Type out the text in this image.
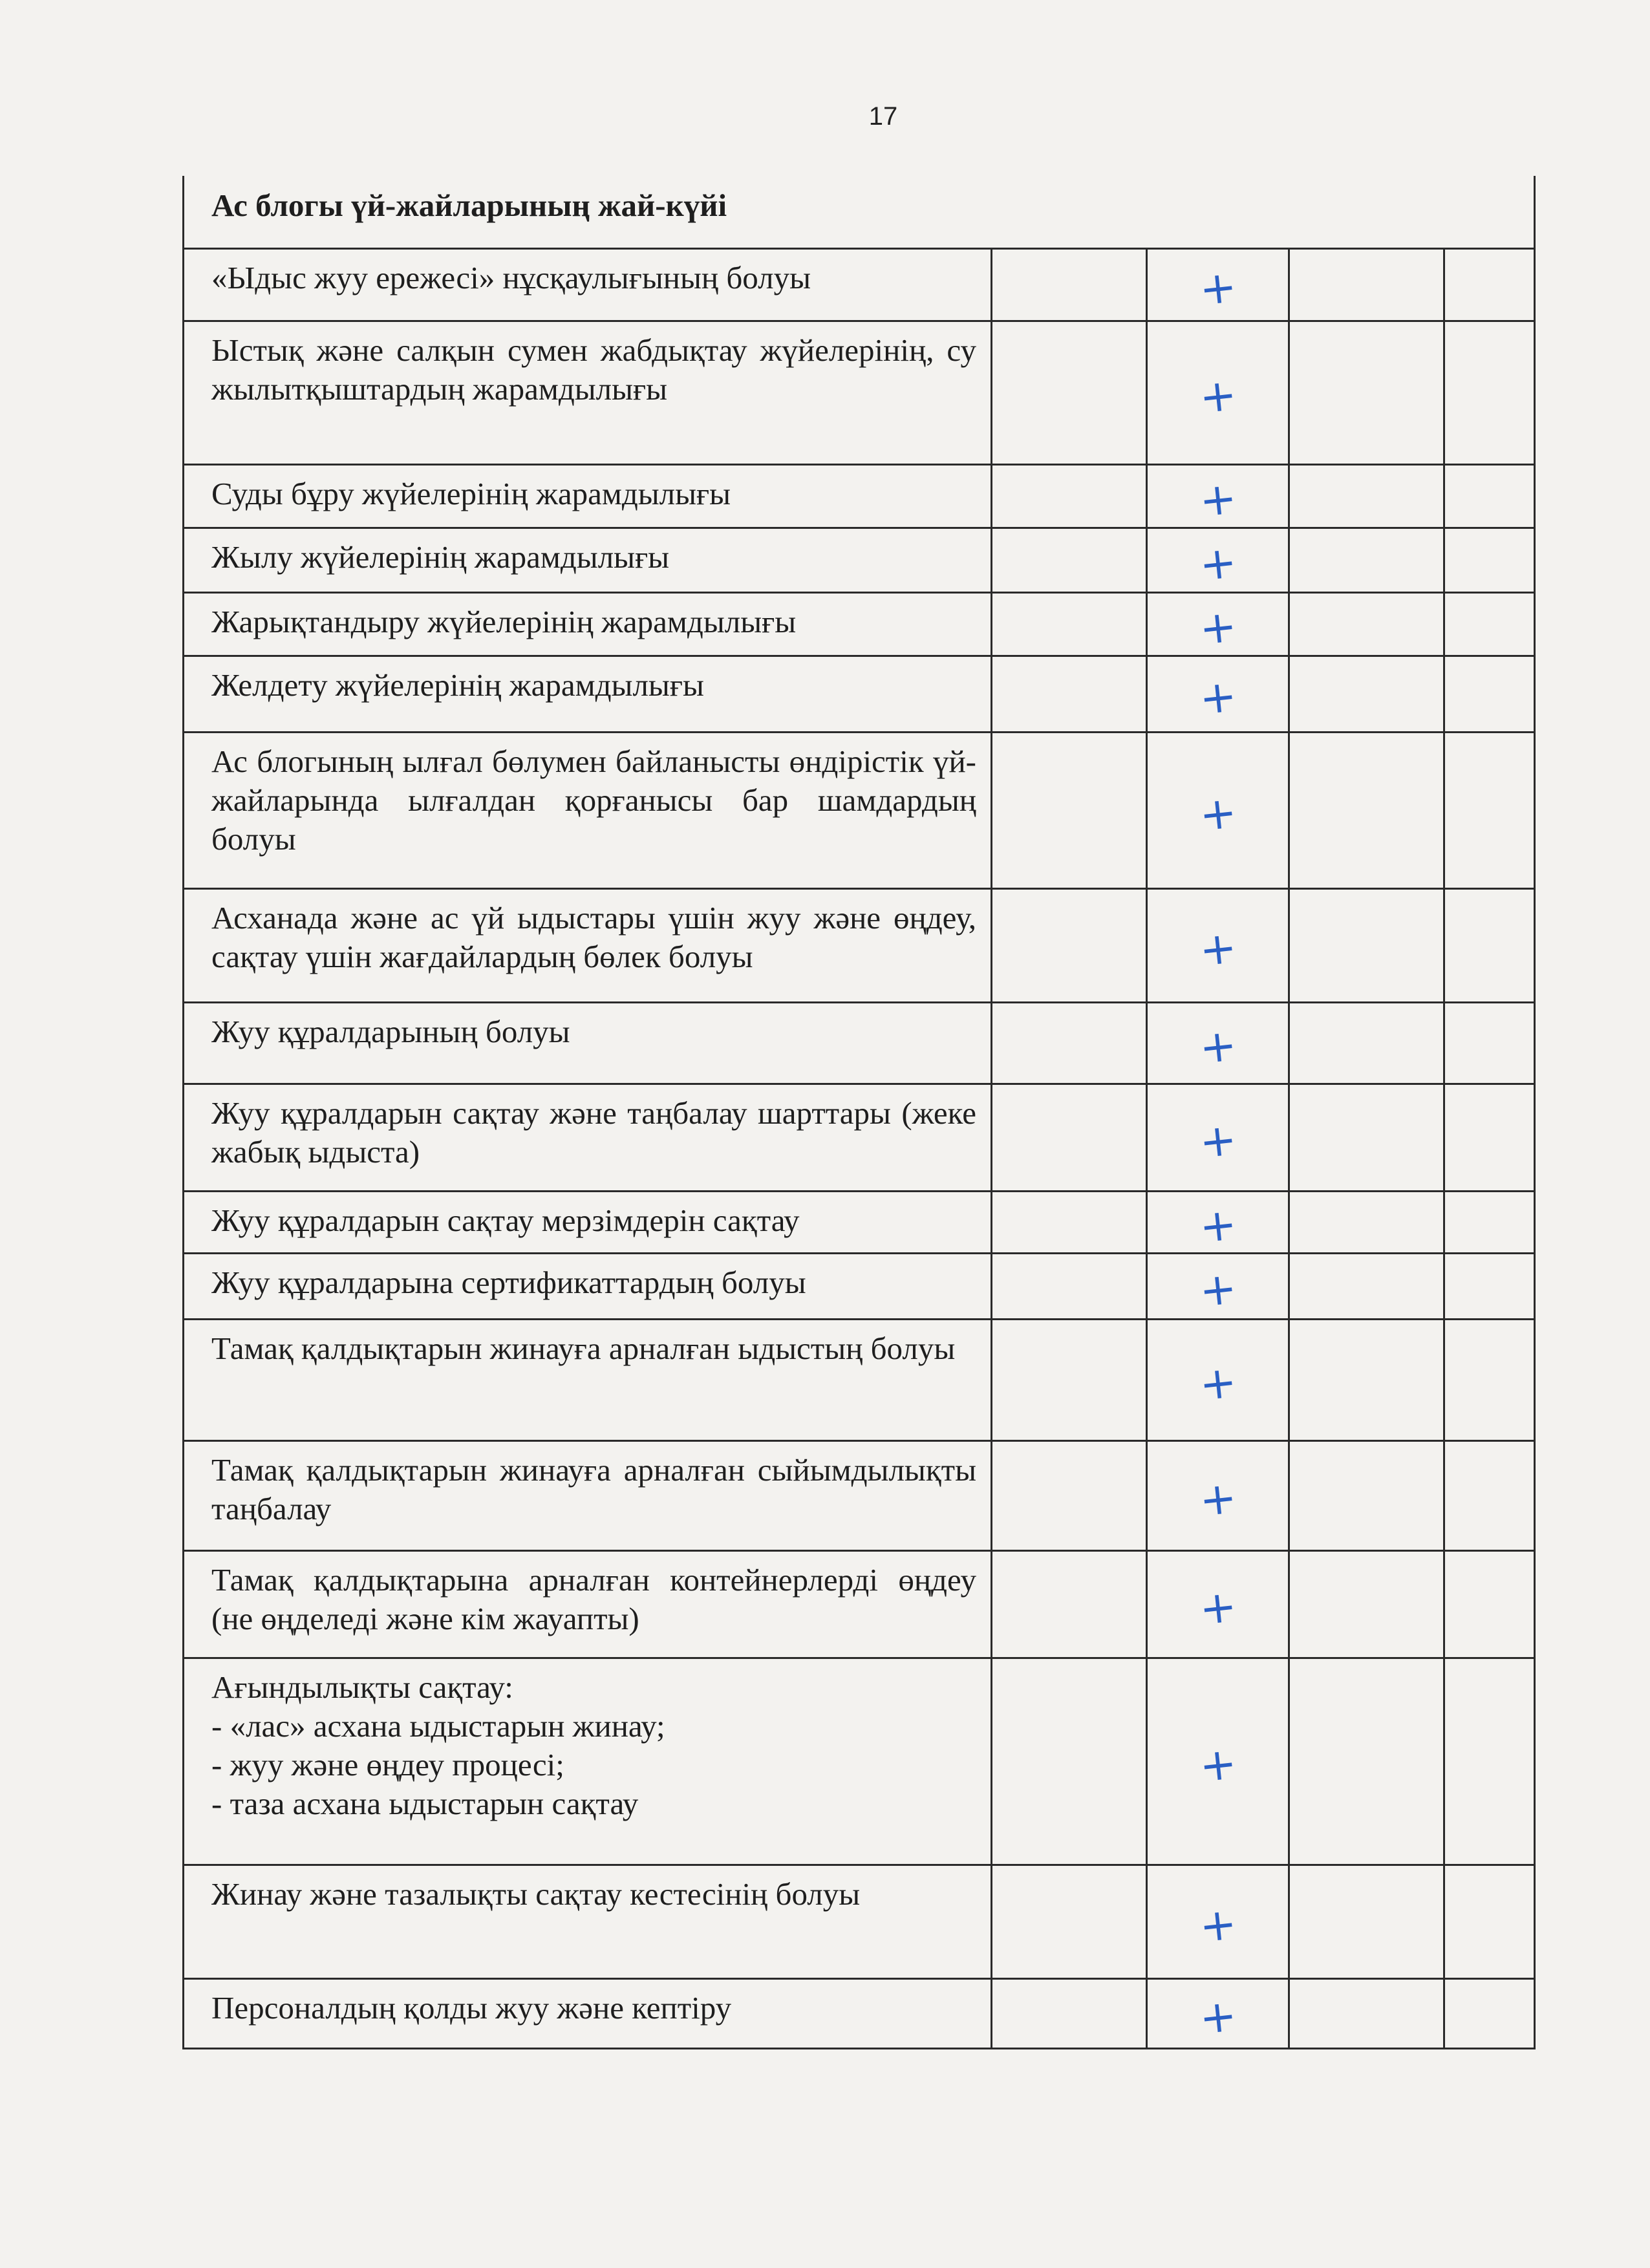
17
Ас блогы үй-жайларының жай-күйі				
«Ыдыс жуу ережесі» нұсқаулығының болуы		+		

Ыстық және салқын сумен жабдықтау жүйелерінің, су жылытқыштардың жарамдылығы		+		

Суды бұру жүйелерінің жарамдылығы		+		

Жылу жүйелерінің жарамдылығы		+		

Жарықтандыру жүйелерінің жарамдылығы		+		

Желдету жүйелерінің жарамдылығы		+		

Ас блогының ылғал бөлумен байланысты өндірістік үй-жайларында ылғалдан қорғанысы бар шамдардың болуы		+		

Асханада және ас үй ыдыстары үшін жуу және өңдеу, сақтау үшін жағдайлардың бөлек болуы		+		

Жуу құралдарының болуы		+		

Жуу құралдарын сақтау және таңбалау шарттары (жеке жабық ыдыста)		+		

Жуу құралдарын сақтау мерзімдерін сақтау		+		

Жуу құралдарына сертификаттардың болуы		+		

Тамақ қалдықтарын жинауға арналған ыдыстың болуы		+		

Тамақ қалдықтарын жинауға арналған сыйымдылықты таңбалау		+		

Тамақ қалдықтарына арналған контейнерлерді өңдеу (не өңделеді және кім жауапты)		+		

Ағындылықты сақтау:
- «лас» асхана ыдыстарын жинау;
- жуу және өңдеу процесі;
- таза асхана ыдыстарын сақтау		+		

Жинау және тазалықты сақтау кестесінің болуы		+		

Персоналдың қолды жуу және кептіру		+		
